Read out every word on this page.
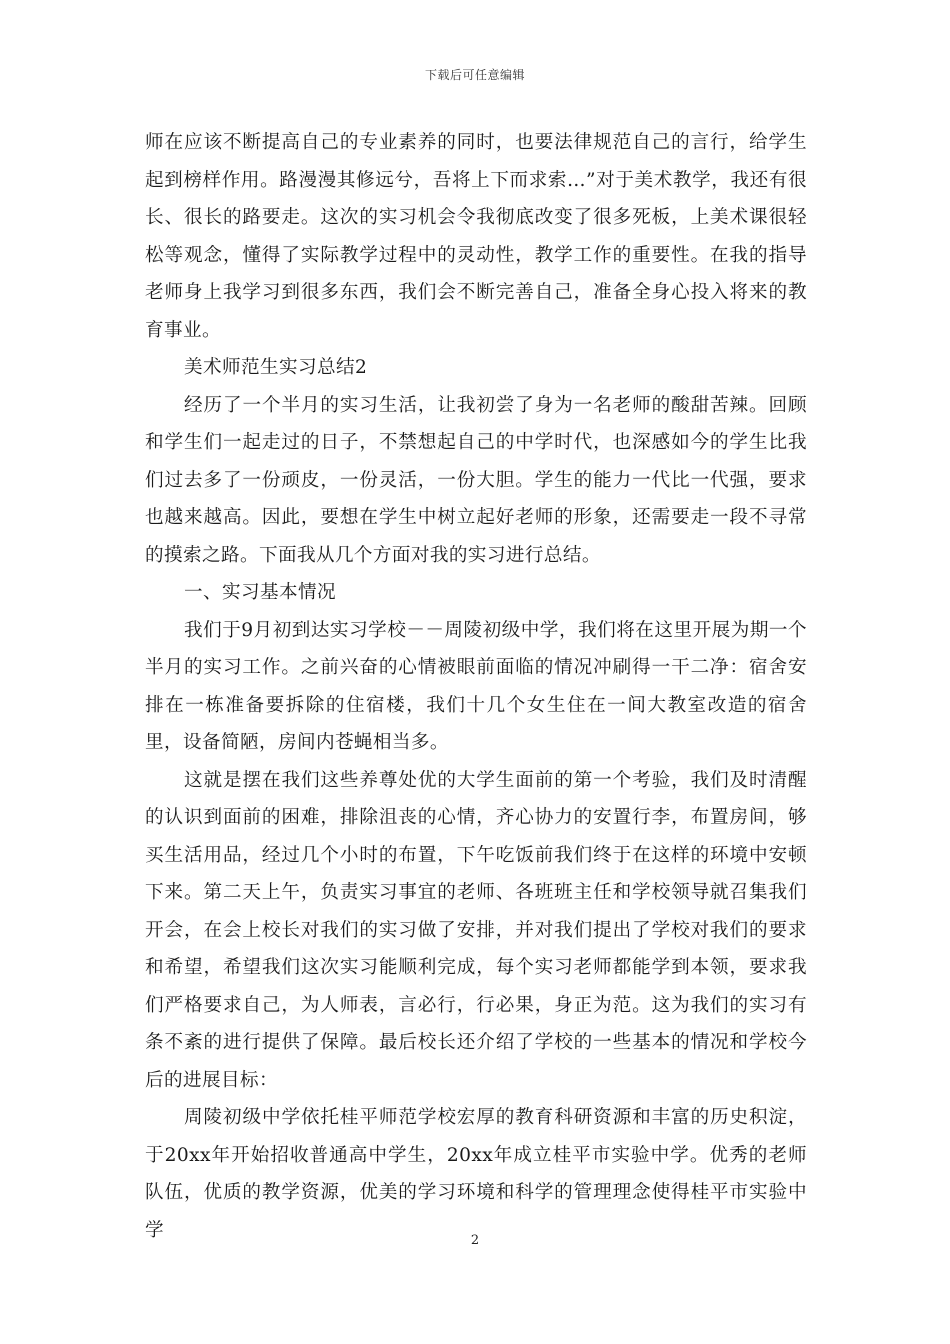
下载后可任意编辑

师在应该不断提高自己的专业素养的同时，也要法律规范自己的言行，给学生起到榜样作用。路漫漫其修远兮，吾将上下而求索…”对于美术教学，我还有很长、很长的路要走。这次的实习机会令我彻底改变了很多死板，上美术课很轻松等观念，懂得了实际教学过程中的灵动性，教学工作的重要性。在我的指导老师身上我学习到很多东西，我们会不断完善自己，准备全身心投入将来的教育事业。

美术师范生实习总结2

经历了一个半月的实习生活，让我初尝了身为一名老师的酸甜苦辣。回顾和学生们一起走过的日子，不禁想起自己的中学时代，也深感如今的学生比我们过去多了一份顽皮，一份灵活，一份大胆。学生的能力一代比一代强，要求也越来越高。因此，要想在学生中树立起好老师的形象，还需要走一段不寻常的摸索之路。下面我从几个方面对我的实习进行总结。

一、实习基本情况

我们于9月初到达实习学校－－周陵初级中学，我们将在这里开展为期一个半月的实习工作。之前兴奋的心情被眼前面临的情况冲刷得一干二净：宿舍安排在一栋准备要拆除的住宿楼，我们十几个女生住在一间大教室改造的宿舍里，设备简陋，房间内苍蝇相当多。

这就是摆在我们这些养尊处优的大学生面前的第一个考验，我们及时清醒的认识到面前的困难，排除沮丧的心情，齐心协力的安置行李，布置房间，够买生活用品，经过几个小时的布置，下午吃饭前我们终于在这样的环境中安顿下来。第二天上午，负责实习事宜的老师、各班班主任和学校领导就召集我们开会，在会上校长对我们的实习做了安排，并对我们提出了学校对我们的要求和希望，希望我们这次实习能顺利完成，每个实习老师都能学到本领，要求我们严格要求自己，为人师表，言必行，行必果，身正为范。这为我们的实习有条不紊的进行提供了保障。最后校长还介绍了学校的一些基本的情况和学校今后的进展目标：

周陵初级中学依托桂平师范学校宏厚的教育科研资源和丰富的历史积淀，于20xx年开始招收普通高中学生，20xx年成立桂平市实验中学。优秀的老师队伍，优质的教学资源，优美的学习环境和科学的管理理念使得桂平市实验中学	2
